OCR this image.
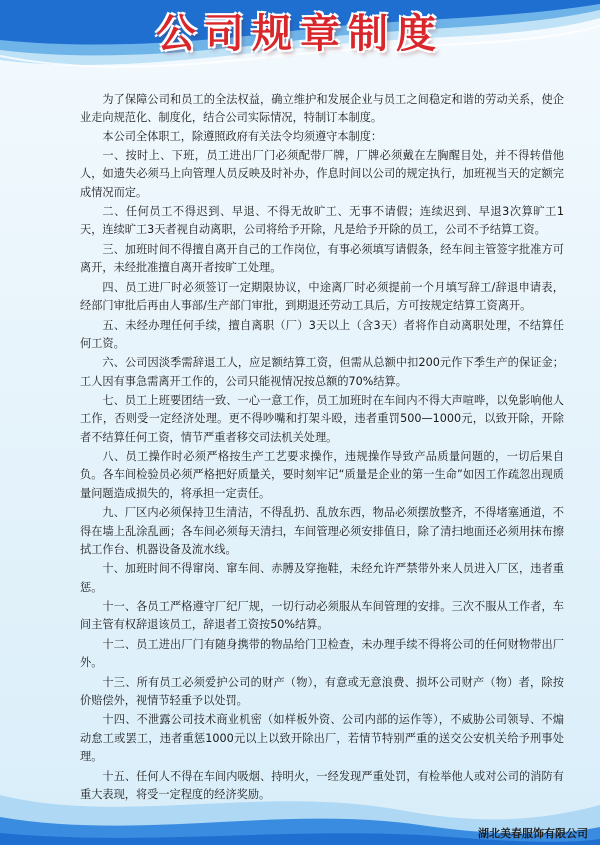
公司规章制度

为了保障公司和员工的全法权益，确立维护和发展企业与员工之间稳定和谐的劳动关系，使企业走向规范化、制度化，结合公司实际情况，特制订本制度。

本公司全体职工，除遵照政府有关法令均须遵守本制度：

一、按时上、下班，员工进出厂门必须配带厂牌，厂牌必须戴在左胸醒目处，并不得转借他人，如遗失必须马上向管理人员反映及时补办，作息时间以公司的规定执行，加班视当天的定额完成情况而定。

二、任何员工不得迟到、早退、不得无故旷工、无事不请假；连续迟到、早退3次算旷工1天，连续旷工3天者视自动离职，公司将给予开除，凡是给予开除的员工，公司不予结算工资。

三、加班时间不得擅自离开自己的工作岗位，有事必须填写请假条，经车间主管签字批准方可离开，未经批准擅自离开者按旷工处理。

四、员工进厂时必须签订一定期限协议，中途离厂时必须提前一个月填写辞工/辞退申请表，经部门审批后再由人事部/生产部门审批，到期退还劳动工具后，方可按规定结算工资离开。

五、未经办理任何手续，擅自离职（厂）3天以上（含3天）者将作自动离职处理，不结算任何工资。

六、公司因淡季需辞退工人，应足额结算工资，但需从总额中扣200元作下季生产的保证金；工人因有事急需离开工作的，公司只能视情况按总额的70%结算。

七、员工上班要团结一致、一心一意工作，员工加班时在车间内不得大声喧哗，以免影响他人工作，否则受一定经济处理。更不得吵嘴和打架斗殴，违者重罚500—1000元，以致开除，开除者不结算任何工资，情节严重者移交司法机关处理。

八、员工操作时必须严格按生产工艺要求操作，违规操作导致产品质量问题的，一切后果自负。各车间检验员必须严格把好质量关，要时刻牢记“质量是企业的第一生命”如因工作疏忽出现质量问题造成损失的，将承担一定责任。

九、厂区内必须保持卫生清洁，不得乱扔、乱放东西，物品必须摆放整齐，不得堵塞通道，不得在墙上乱涂乱画；各车间必须每天清扫，车间管理必须安排值日，除了清扫地面还必须用抹布擦拭工作台、机器设备及流水线。

十、加班时间不得窜岗、窜车间、赤膊及穿拖鞋，未经允许严禁带外来人员进入厂区，违者重惩。

十一、各员工严格遵守厂纪厂规，一切行动必须服从车间管理的安排。三次不服从工作者，车间主管有权辞退该员工，辞退者工资按50%结算。

十二、员工进出厂门有随身携带的物品给门卫检查，未办理手续不得将公司的任何财物带出厂外。

十三、所有员工必须爱护公司的财产（物），有意或无意浪费、损坏公司财产（物）者，除按价赔偿外，视情节轻重予以处罚。

十四、不泄露公司技术商业机密（如样板外资、公司内部的运作等），不威胁公司领导、不煽动怠工或罢工，违者重惩1000元以上以致开除出厂，若情节特别严重的送交公安机关给予刑事处理。

十五、任何人不得在车间内吸烟、持明火，一经发现严重处罚，有检举他人或对公司的消防有重大表现，将受一定程度的经济奖励。

湖北美春服饰有限公司
